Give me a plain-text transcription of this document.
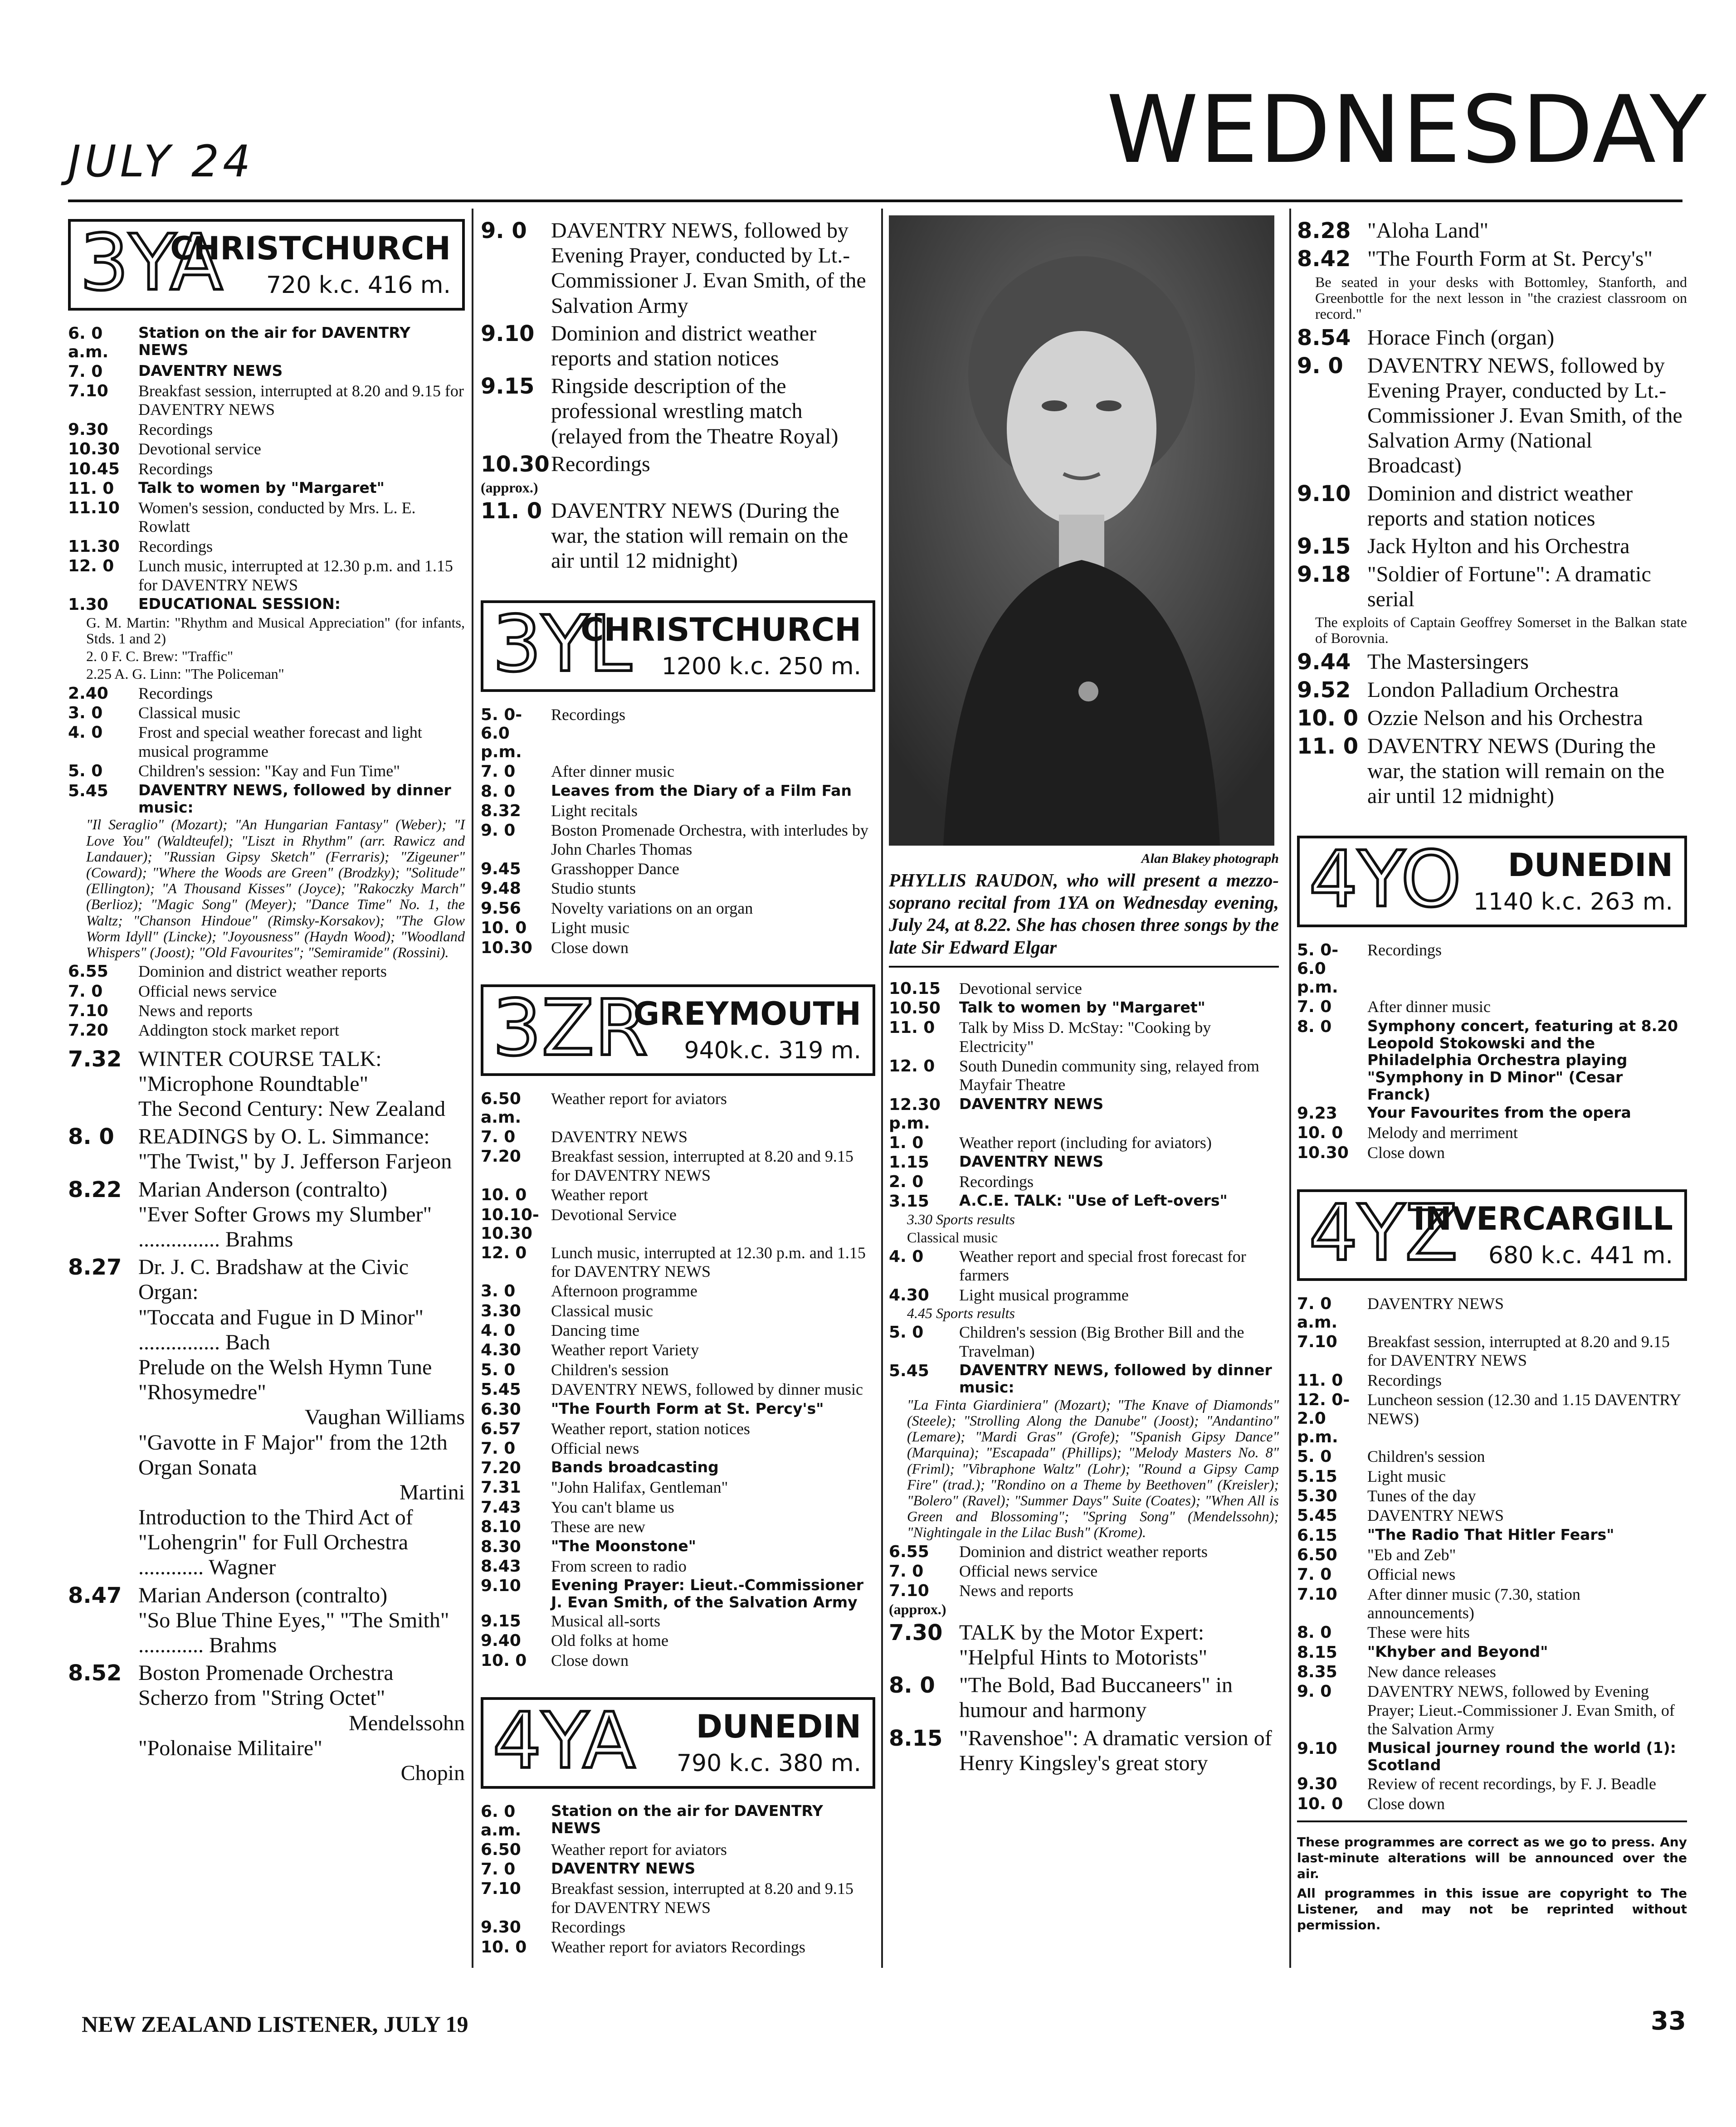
JULY 24	WEDNESDAY
3YA
CHRISTCHURCH
720 k.c. 416 m.
6. 0 a.m.
Station on the air for DAVENTRY NEWS
7. 0	DAVENTRY NEWS
7.10	Breakfast session, interrupted at 8.20 and 9.15 for DAVENTRY NEWS
9.30	Recordings
10.30	Devotional service
10.45	Recordings
11. 0	Talk to women by "Margaret"
11.10	Women's session, conducted by Mrs. L. E. Rowlatt
11.30	Recordings
12. 0	Lunch music, interrupted at 12.30 p.m. and 1.15 for DAVENTRY NEWS
1.30	EDUCATIONAL SESSION:
G. M. Martin: "Rhythm and Musical Appreciation" (for infants, Stds. 1 and 2)
2. 0 F. C. Brew: "Traffic"
2.25 A. G. Linn: "The Policeman"
2.40	Recordings
3. 0	Classical music
4. 0	Frost and special weather forecast and light musical programme
5. 0	Children's session: "Kay and Fun Time"
5.45	DAVENTRY NEWS, followed by dinner music:
"Il Seraglio" (Mozart); "An Hungarian Fantasy" (Weber); "I Love You" (Waldteufel); "Liszt in Rhythm" (arr. Rawicz and Landauer); "Russian Gipsy Sketch" (Ferraris); "Zigeuner" (Coward); "Where the Woods are Green" (Brodzky); "Solitude" (Ellington); "A Thousand Kisses" (Joyce); "Rakoczky March" (Berlioz); "Magic Song" (Meyer); "Dance Time" No. 1, the Waltz; "Chanson Hindoue" (Rimsky-Korsakov); "The Glow Worm Idyll" (Lincke); "Joyousness" (Haydn Wood); "Woodland Whispers" (Joost); "Old Favourites"; "Semiramide" (Rossini).
6.55	Dominion and district weather reports
7. 0	Official news service
7.10	News and reports
7.20	Addington stock market report
7.32 WINTER COURSE TALK:
"Microphone Roundtable"
The Second Century: New Zealand
8. 0	READINGS by O. L. Simmance: "The Twist," by J. Jefferson Farjeon
8.22 Marian Anderson (contralto)
"Ever Softer Grows my Slumber" ............... Brahms
8.27 Dr. J. C. Bradshaw at the Civic Organ:
"Toccata and Fugue in D Minor" ............... Bach
Prelude on the Welsh Hymn Tune "Rhosymedre"
Vaughan Williams
"Gavotte in F Major" from the 12th Organ Sonata
Martini
Introduction to the Third Act of "Lohengrin" for Full Orchestra ............ Wagner
8.47 Marian Anderson (contralto)
"So Blue Thine Eyes," "The Smith" ............ Brahms
8.52 Boston Promenade Orchestra
Scherzo from "String Octet"
Mendelssohn
"Polonaise Militaire"
Chopin
9. 0	DAVENTRY NEWS, followed by Evening Prayer, conducted by Lt.-Commissioner J. Evan Smith, of the Salvation Army
9.10 Dominion and district weather reports and station notices
9.15 Ringside description of the professional wrestling match (relayed from the Theatre Royal)
10.30 Recordings
(approx.)
11. 0 DAVENTRY NEWS (During the war, the station will remain on the air until 12 midnight)
3YL
CHRISTCHURCH
1200 k.c. 250 m.
5. 0-6.0 p.m.
Recordings
7. 0	After dinner music
8. 0	Leaves from the Diary of a Film Fan
8.32	Light recitals
9. 0	Boston Promenade Orchestra, with interludes by John Charles Thomas
9.45	Grasshopper Dance
9.48	Studio stunts
9.56	Novelty variations on an organ
10. 0	Light music
10.30	Close down
3ZR
GREYMOUTH
940k.c. 319 m.
6.50 a.m.
Weather report for aviators
7. 0	DAVENTRY NEWS
7.20	Breakfast session, interrupted at 8.20 and 9.15 for DAVENTRY NEWS
10. 0	Weather report
10.10-10.30
Devotional Service
12. 0	Lunch music, interrupted at 12.30 p.m. and 1.15 for DAVENTRY NEWS
3. 0	Afternoon programme
3.30	Classical music
4. 0	Dancing time
4.30	Weather report Variety
5. 0	Children's session
5.45	DAVENTRY NEWS, followed by dinner music
6.30	"The Fourth Form at St. Percy's"
6.57	Weather report, station notices
7. 0	Official news
7.20	Bands broadcasting
7.31	"John Halifax, Gentleman"
7.43	You can't blame us
8.10	These are new
8.30	"The Moonstone"
8.43	From screen to radio
9.10	Evening Prayer: Lieut.-Commissioner J. Evan Smith, of the Salvation Army
9.15	Musical all-sorts
9.40	Old folks at home
10. 0	Close down
4YA DUNEDIN
790 k.c. 380 m.
6. 0 a.m.
Station on the air for DAVENTRY NEWS
6.50	Weather report for aviators
7. 0	DAVENTRY NEWS
7.10	Breakfast session, interrupted at 8.20 and 9.15 for DAVENTRY NEWS
9.30	Recordings
10. 0	Weather report for aviators Recordings
Alan Blakey photograph
PHYLLIS RAUDON, who will present a mezzo-soprano recital from 1YA on Wednesday evening, July 24, at 8.22. She has chosen three songs by the late Sir Edward Elgar
10.15	Devotional service
10.50	Talk to women by "Margaret"
11. 0	Talk by Miss D. McStay: "Cooking by Electricity"
12. 0	South Dunedin community sing, relayed from Mayfair Theatre
12.30 p.m.
DAVENTRY NEWS
1. 0	Weather report (including for aviators)
1.15	DAVENTRY NEWS
2. 0	Recordings
3.15	A.C.E. TALK: "Use of Left-overs"
3.30 Sports results
Classical music
4. 0	Weather report and special frost forecast for farmers
4.30	Light musical programme
4.45 Sports results
5. 0	Children's session (Big Brother Bill and the Travelman)
5.45	DAVENTRY NEWS, followed by dinner music:
"La Finta Giardiniera" (Mozart); "The Knave of Diamonds" (Steele); "Strolling Along the Danube" (Joost); "Andantino" (Lemare); "Mardi Gras" (Grofe); "Spanish Gipsy Dance" (Marquina); "Escapada" (Phillips); "Melody Masters No. 8" (Friml); "Vibraphone Waltz" (Lohr); "Round a Gipsy Camp Fire" (trad.); "Rondino on a Theme by Beethoven" (Kreisler); "Bolero" (Ravel); "Summer Days" Suite (Coates); "When All is Green and Blossoming"; "Spring Song" (Mendelssohn); "Nightingale in the Lilac Bush" (Krome).
6.55	Dominion and district weather reports
7. 0	Official news service
7.10	News and reports
(approx.)
7.30 TALK by the Motor Expert: "Helpful Hints to Motorists"
8. 0	"The Bold, Bad Buccaneers" in humour and harmony
8.15 "Ravenshoe": A dramatic version of Henry Kingsley's great story
8.28 "Aloha Land"
8.42 "The Fourth Form at St. Percy's"
Be seated in your desks with Bottomley, Stanforth, and Greenbottle for the next lesson in "the craziest classroom on record."
8.54 Horace Finch (organ)
9. 0	DAVENTRY NEWS, followed by Evening Prayer, conducted by Lt.-Commissioner J. Evan Smith, of the Salvation Army (National Broadcast)
9.10 Dominion and district weather reports and station notices
9.15 Jack Hylton and his Orchestra
9.18 "Soldier of Fortune": A dramatic serial
The exploits of Captain Geoffrey Somerset in the Balkan state of Borovnia.
9.44 The Mastersingers
9.52 London Palladium Orchestra
10. 0 Ozzie Nelson and his Orchestra
11. 0 DAVENTRY NEWS (During the war, the station will remain on the air until 12 midnight)
4YO DUNEDIN
1140 k.c. 263 m.
5. 0-6.0 p.m.
Recordings
7. 0	After dinner music
8. 0	Symphony concert, featuring at 8.20 Leopold Stokowski and the Philadelphia Orchestra playing "Symphony in D Minor" (Cesar Franck)
9.23	Your Favourites from the opera
10. 0	Melody and merriment
10.30	Close down
4YZ
INVERCARGILL
680 k.c. 441 m.
7. 0 a.m.
DAVENTRY NEWS
7.10	Breakfast session, interrupted at 8.20 and 9.15 for DAVENTRY NEWS
11. 0	Recordings
12. 0-2.0 p.m.
Luncheon session (12.30 and 1.15 DAVENTRY NEWS)
5. 0	Children's session
5.15	Light music
5.30	Tunes of the day
5.45	DAVENTRY NEWS
6.15	"The Radio That Hitler Fears"
6.50	"Eb and Zeb"
7. 0	Official news
7.10	After dinner music (7.30, station announcements)
8. 0	These were hits
8.15	"Khyber and Beyond"
8.35	New dance releases
9. 0	DAVENTRY NEWS, followed by Evening Prayer; Lieut.-Commissioner J. Evan Smith, of the Salvation Army
9.10	Musical journey round the world (1): Scotland
9.30	Review of recent recordings, by F. J. Beadle
10. 0	Close down
These programmes are correct as we go to press. Any last-minute alterations will be announced over the air.
All programmes in this issue are copyright to The Listener, and may not be reprinted without permission.
NEW ZEALAND LISTENER, JULY 19	33
